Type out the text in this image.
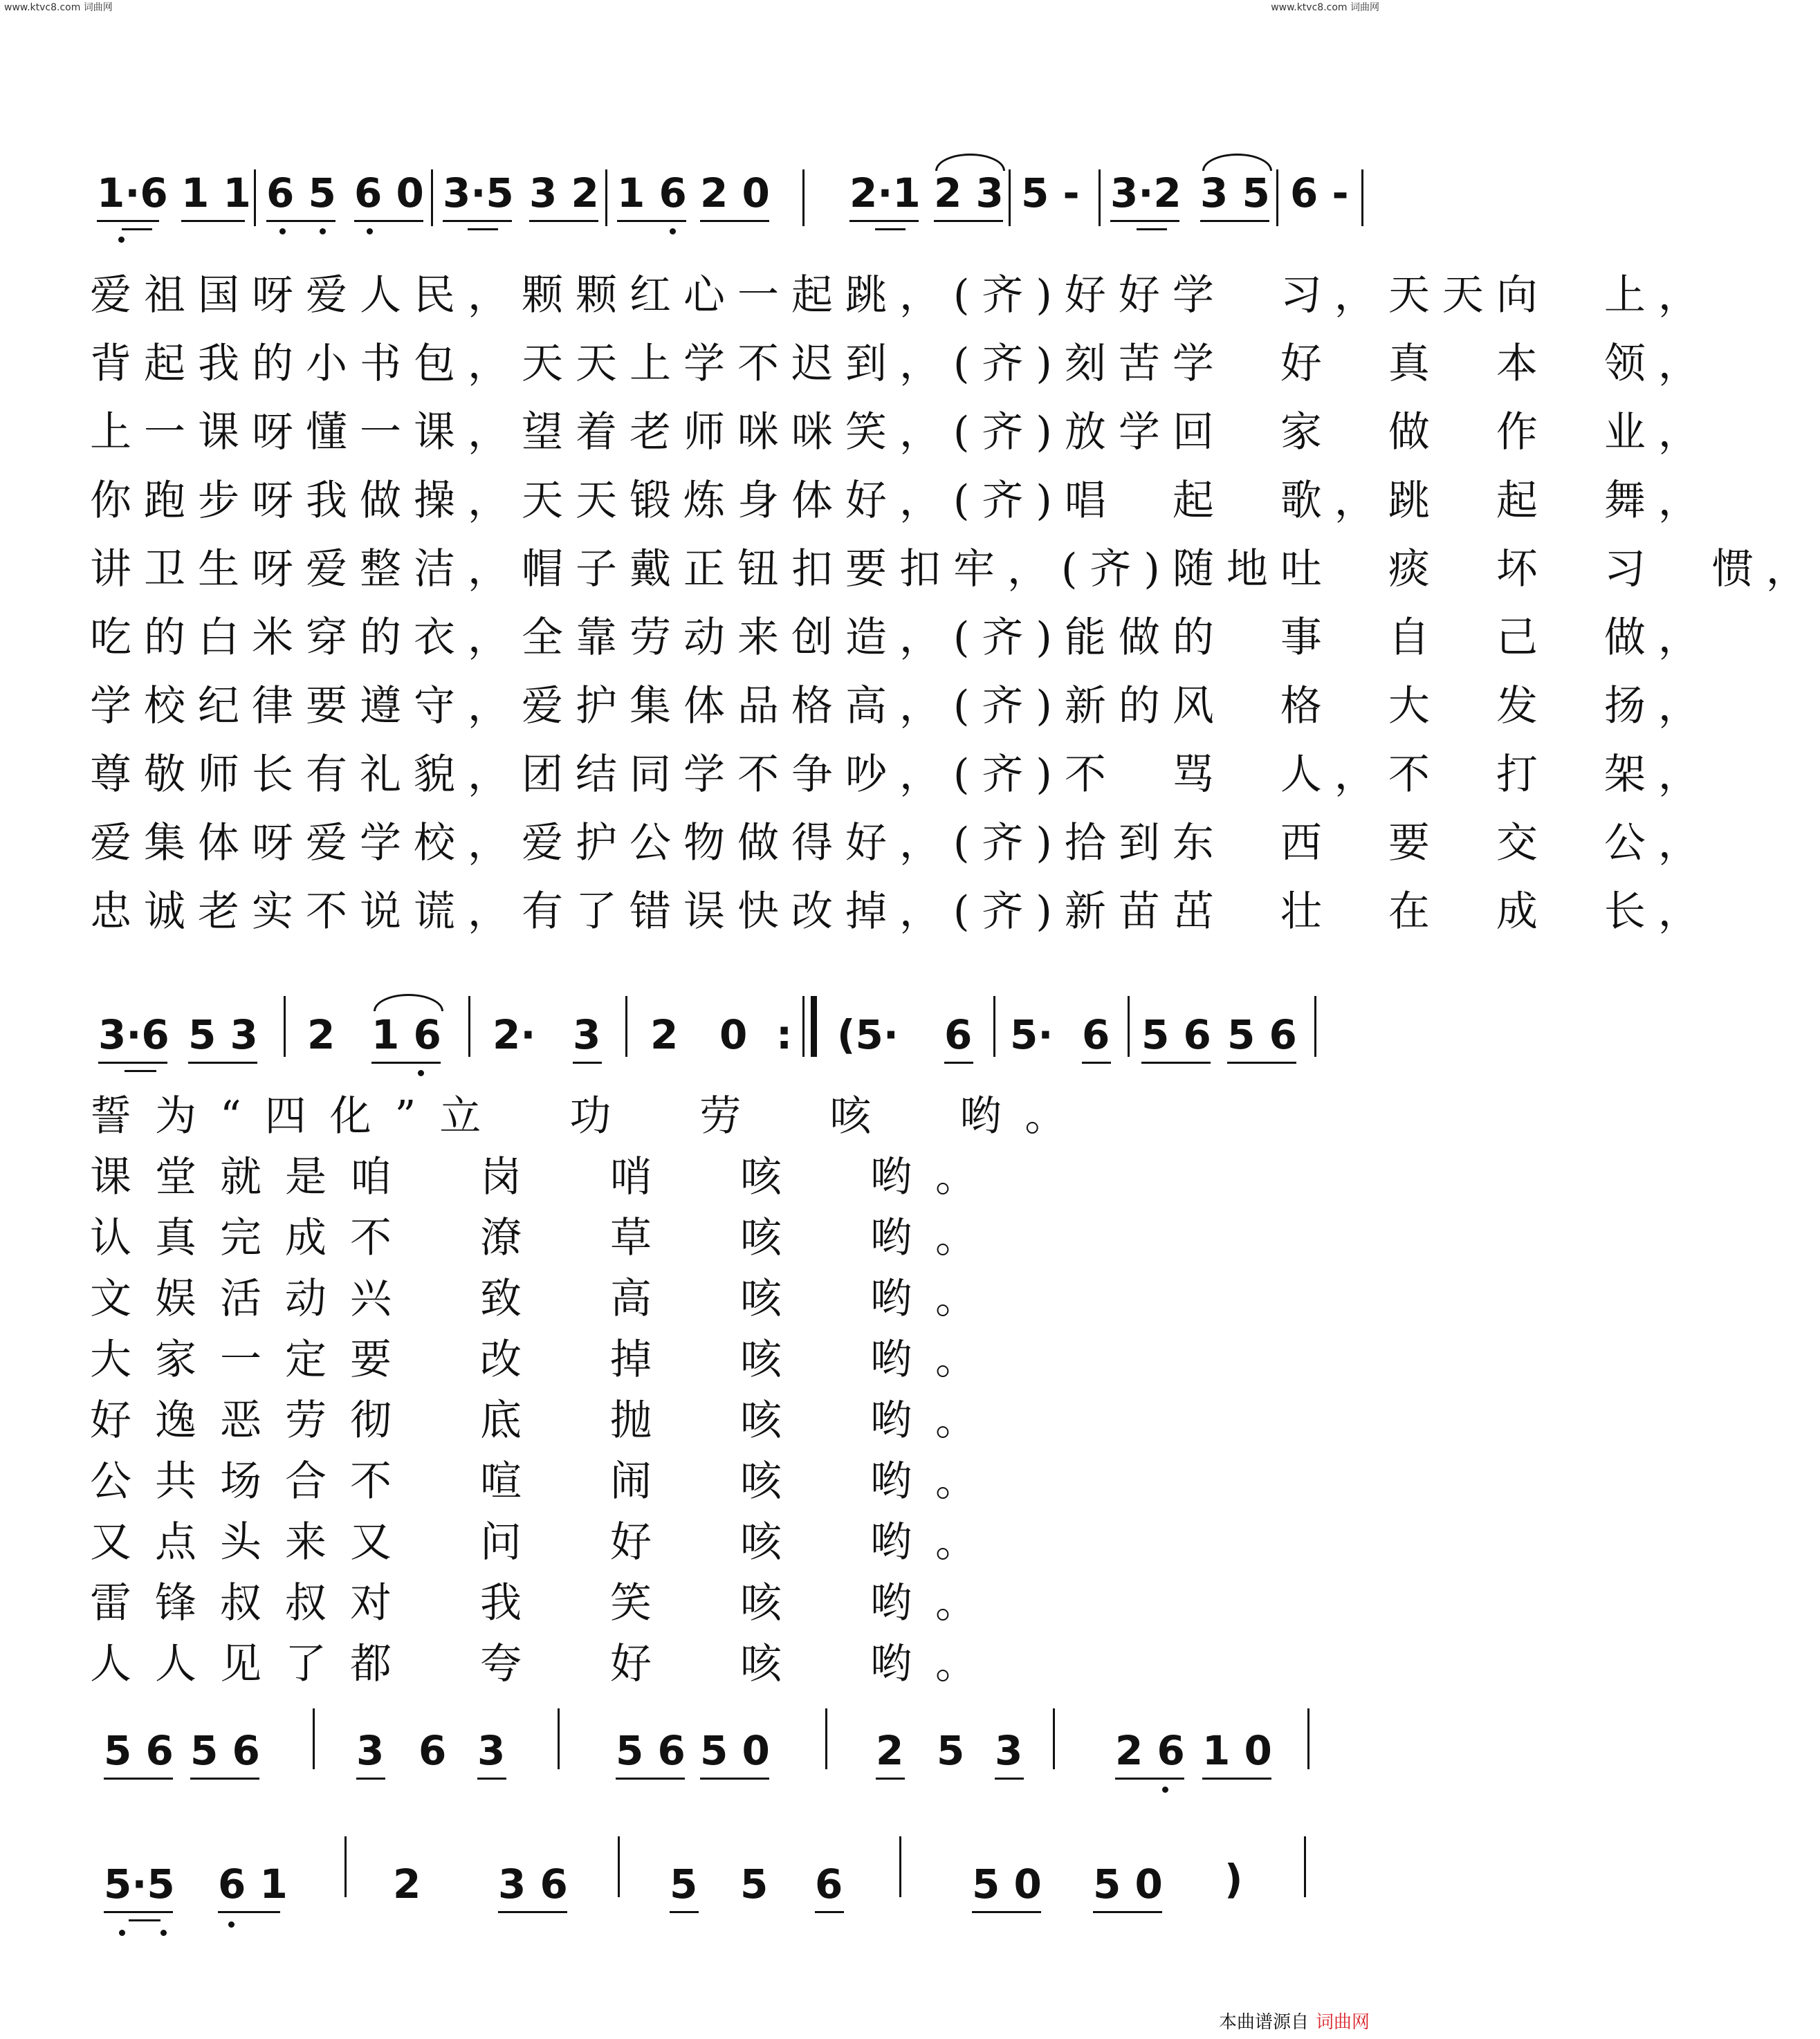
www.ktvc8.com 词曲网	www.ktvc8.com 词曲网
1·6 1 1 6 5 6 0 3·5 3 2 1 6 2 0 2·1 2 3 5 - 3·2 3 5 6 -
爱祖国呀爱人民，颗颗红心一起跳，(齐)好好学　习，天天向　上，
背起我的小书包，天天上学不迟到，(齐)刻苦学　好　真　本　领，
上一课呀懂一课，望着老师咪咪笑，(齐)放学回　家　做　作　业，
你跑步呀我做操，天天锻炼身体好，(齐)唱　起　歌，跳　起　舞，
讲卫生呀爱整洁，帽子戴正钮扣要扣牢，(齐)随地吐　痰　坏　习　惯，
吃的白米穿的衣，全靠劳动来创造，(齐)能做的　事　自　己　做，
学校纪律要遵守，爱护集体品格高，(齐)新的风　格　大　发　扬，
尊敬师长有礼貌，团结同学不争吵，(齐)不　骂　人，不　打　架，
爱集体呀爱学校，爱护公物做得好，(齐)拾到东　西　要　交　公，
忠诚老实不说谎，有了错误快改掉，(齐)新苗茁　壮　在　成　长，
3·6 5 3 2 1 6 2· 3 2 0 : (5· 6 5· 6 5 6 5 6
誓为“四化”立　功　劳　咳　哟。
课堂就是咱　岗　哨　咳　哟。
认真完成不　潦　草　咳　哟。
文娱活动兴　致　高　咳　哟。
大家一定要　改　掉　咳　哟。
好逸恶劳彻　底　抛　咳　哟。
公共场合不　喧　闹　咳　哟。
又点头来又　问　好　咳　哟。
雷锋叔叔对　我　笑　咳　哟。
人人见了都　夸　好　咳　哟。
5 6 5 6 3 6 3	5 6 5 0	2 5 3 2 6 1 0
5·5 6 1	2 3 6	5 5 6	5 0 5 0 )
本曲谱源自 词曲网
